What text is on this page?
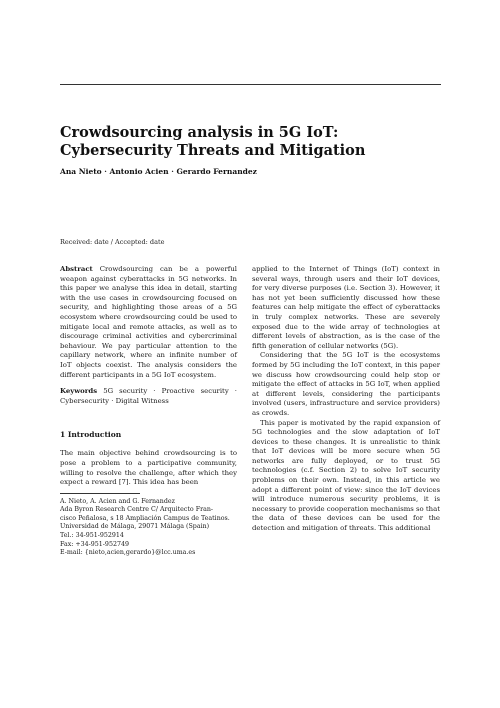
Crowdsourcing analysis in 5G IoT: Cybersecurity Threats and Mitigation
Ana Nieto · Antonio Acien · Gerardo Fernandez
Received: date / Accepted: date

Abstract Crowdsourcing can be a powerful weapon against cyberattacks in 5G networks. In this paper we analyse this idea in detail, starting with the use cases in crowdsourcing focused on security, and highlighting those areas of a 5G ecosystem where crowdsourcing could be used to mitigate local and remote attacks, as well as to discourage criminal activities and cybercriminal behaviour. We pay particular attention to the capillary network, where an infinite number of IoT objects coexist. The analysis considers the different participants in a 5G IoT ecosystem.

Keywords 5G security · Proactive security · Cybersecurity · Digital Witness

1 Introduction

The main objective behind crowdsourcing is to pose a problem to a participative community, willing to resolve the challenge, after which they expect a reward [7]. This idea has been

A. Nieto, A. Acien and G. Fernandez
Ada Byron Research Centre C/ Arquitecto Fran-
cisco Peñalosa, s 18 Ampliación Campus de Teatinos.
Universidad de Málaga, 29071 Málaga (Spain)
Tel.: 34-951-952914
Fax: +34-951-952749
E-mail: {nieto,acien,gerardo}@lcc.uma.es

applied to the Internet of Things (IoT) context in several ways, through users and their IoT devices, for very diverse purposes (i.e. Section 3). However, it has not yet been sufficiently discussed how these features can help mitigate the effect of cyberattacks in truly complex networks. These are severely exposed due to the wide array of technologies at different levels of abstraction, as is the case of the fifth generation of cellular networks (5G).

Considering that the 5G IoT is the ecosystems formed by 5G including the IoT context, in this paper we discuss how crowdsourcing could help stop or mitigate the effect of attacks in 5G IoT, when applied at different levels, considering the participants involved (users, infrastructure and service providers) as crowds.

This paper is motivated by the rapid expansion of 5G technologies and the slow adaptation of IoT devices to these changes. It is unrealistic to think that IoT devices will be more secure when 5G networks are fully deployed, or to trust 5G technologies (c.f. Section 2) to solve IoT security problems on their own. Instead, in this article we adopt a different point of view: since the IoT devices will introduce numerous security problems, it is necessary to provide cooperation mechanisms so that the data of these devices can be used for the detection and mitigation of threats. This additional
